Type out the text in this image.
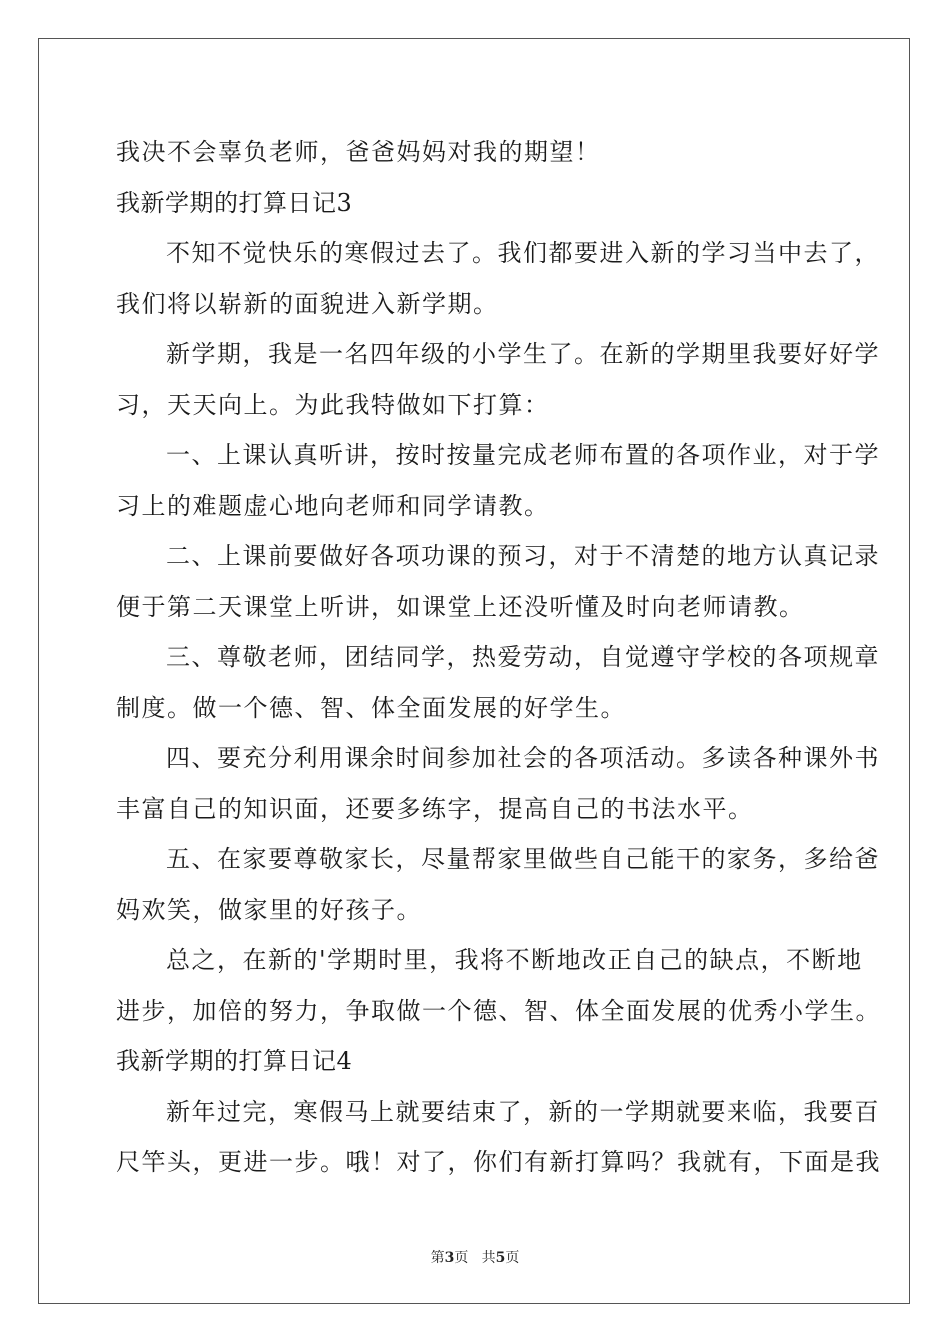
我决不会辜负老师，爸爸妈妈对我的期望！
我新学期的打算日记3
不知不觉快乐的寒假过去了。我们都要进入新的学习当中去了，
我们将以崭新的面貌进入新学期。
新学期，我是一名四年级的小学生了。在新的学期里我要好好学
习，天天向上。为此我特做如下打算：
一、上课认真听讲，按时按量完成老师布置的各项作业，对于学
习上的难题虚心地向老师和同学请教。
二、上课前要做好各项功课的预习，对于不清楚的地方认真记录
便于第二天课堂上听讲，如课堂上还没听懂及时向老师请教。
三、尊敬老师，团结同学，热爱劳动，自觉遵守学校的各项规章
制度。做一个德、智、体全面发展的好学生。
四、要充分利用课余时间参加社会的各项活动。多读各种课外书
丰富自己的知识面，还要多练字，提高自己的书法水平。
五、在家要尊敬家长，尽量帮家里做些自己能干的家务，多给爸
妈欢笑，做家里的好孩子。
总之，在新的'学期时里，我将不断地改正自己的缺点，不断地
进步，加倍的努力，争取做一个德、智、体全面发展的优秀小学生。
我新学期的打算日记4
新年过完，寒假马上就要结束了，新的一学期就要来临，我要百
尺竿头，更进一步。哦！对了，你们有新打算吗？我就有，下面是我
第3页 共5页
